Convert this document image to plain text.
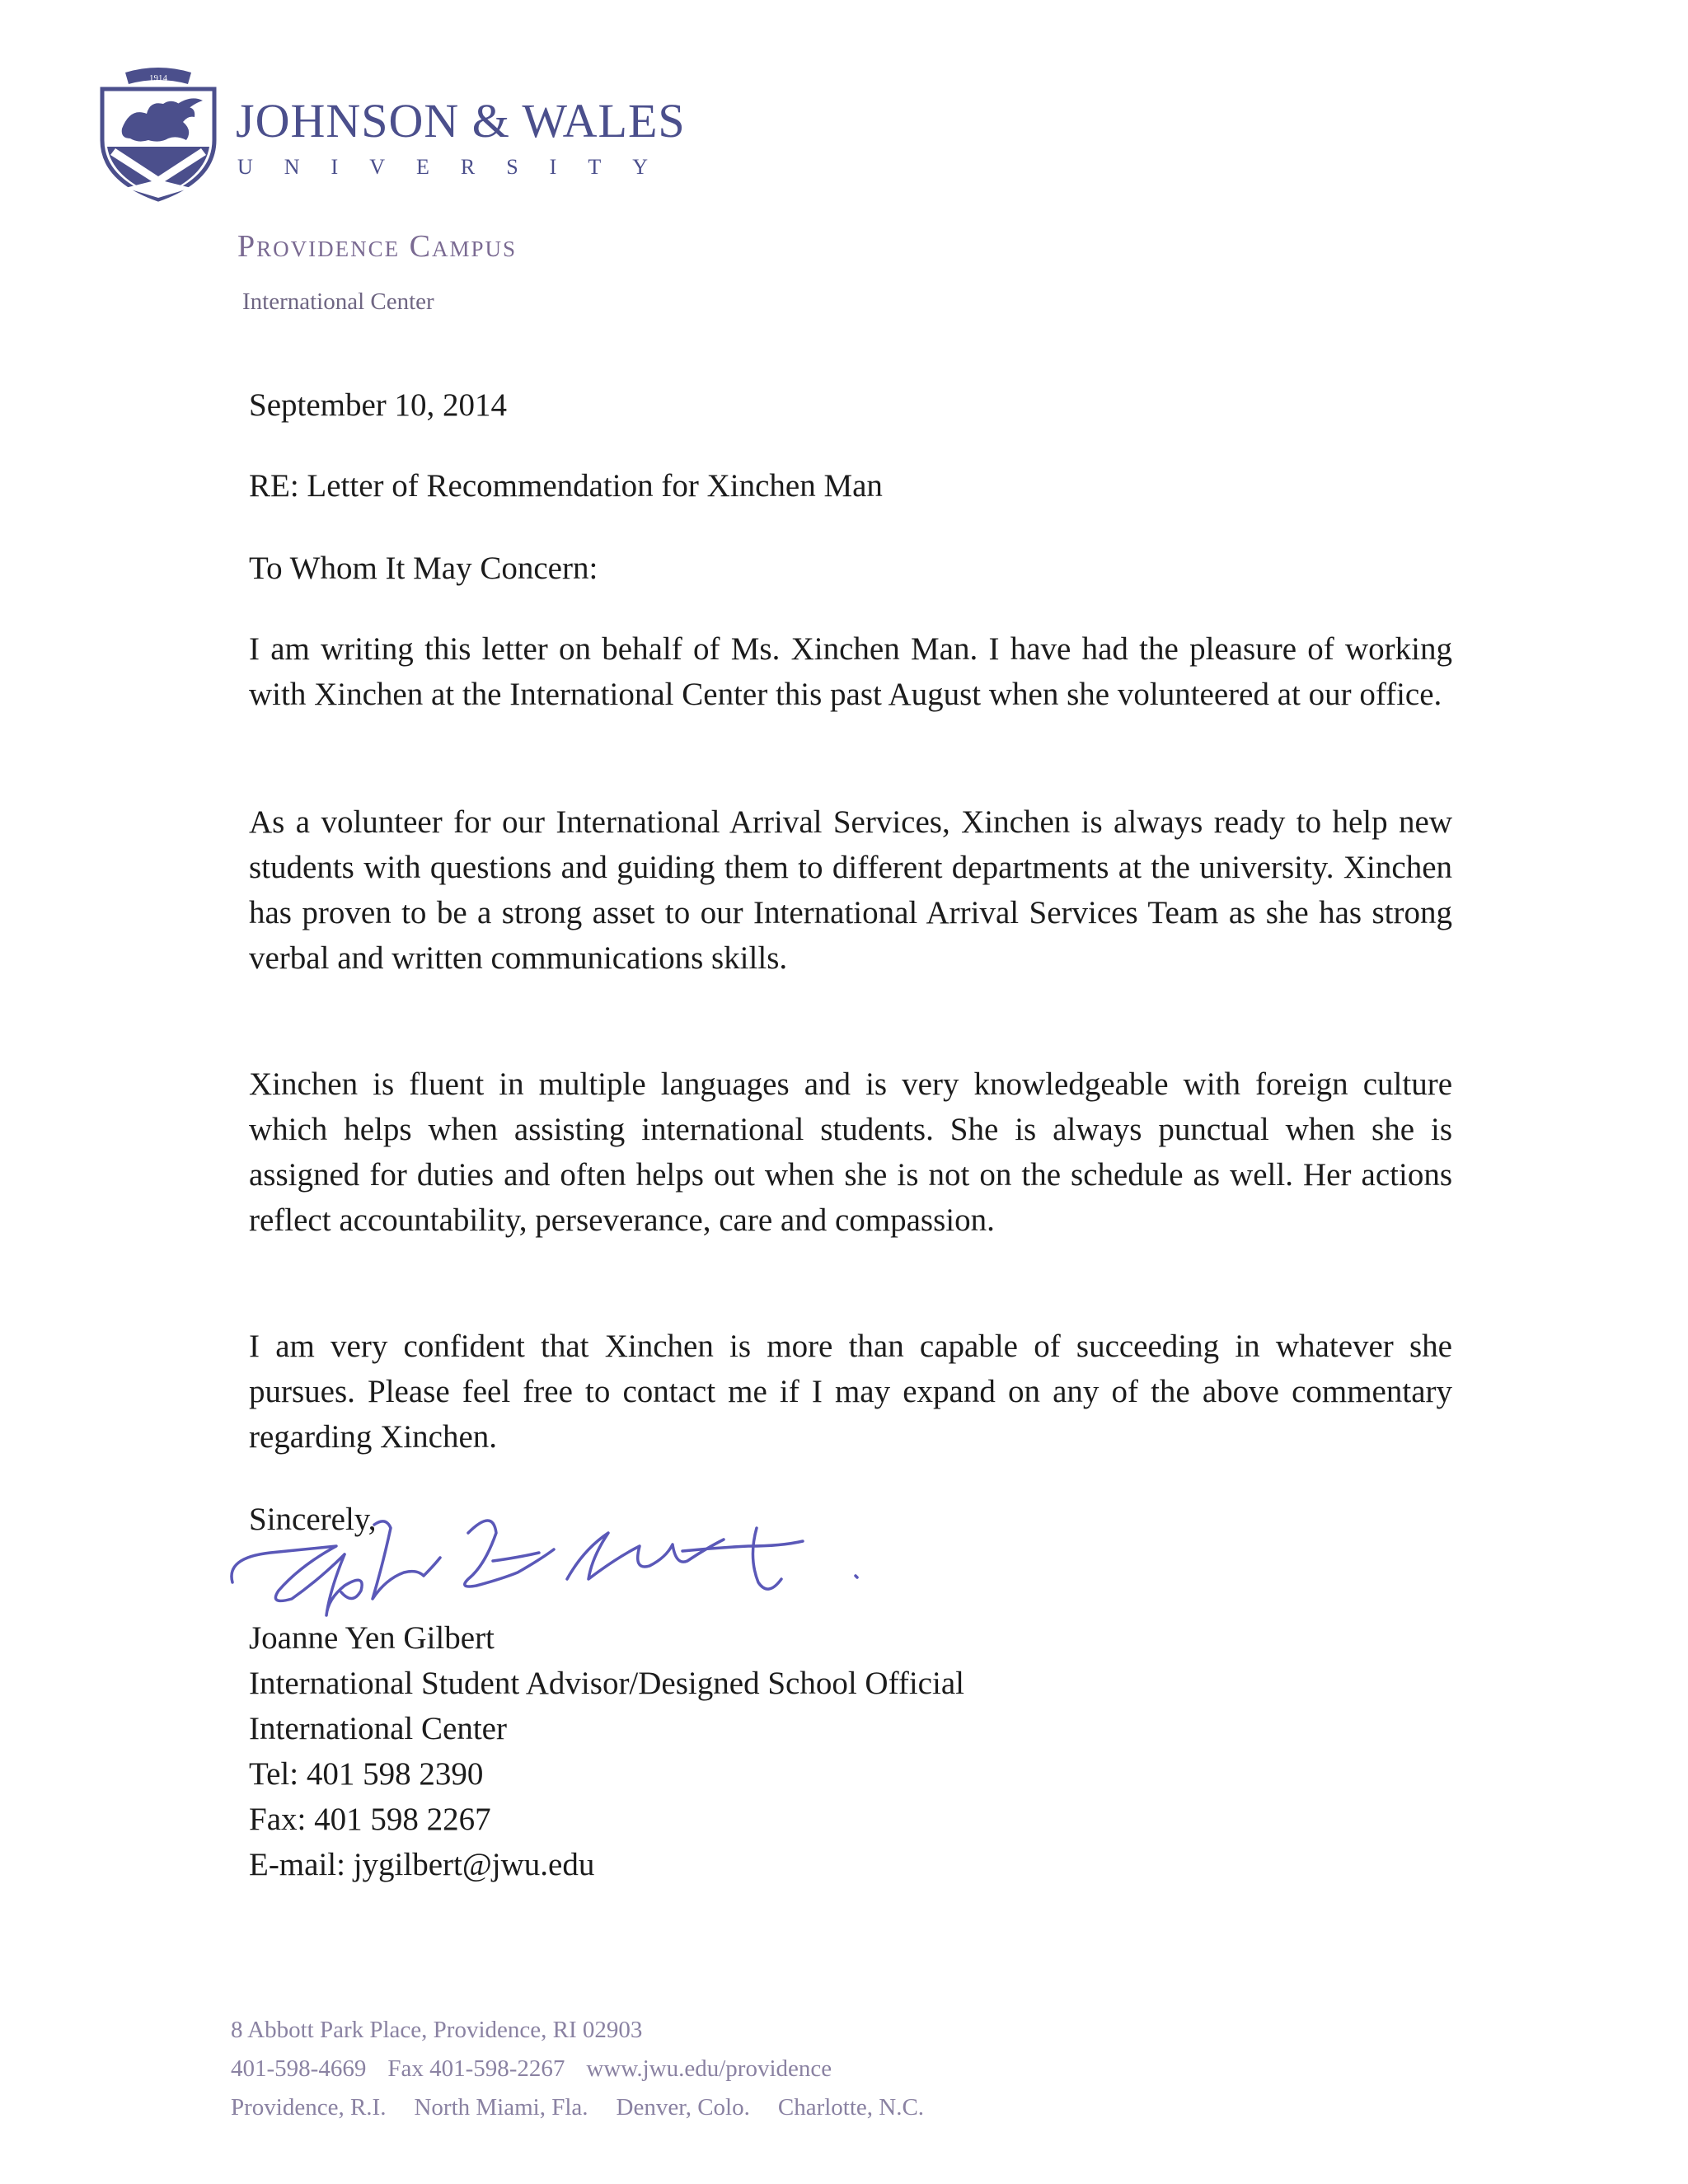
1914
JOHNSON & WALES
UNIVERSITY
Providence Campus
International Center
September 10, 2014
RE: Letter of Recommendation for Xinchen Man
To Whom It May Concern:
I am writing this letter on behalf of Ms. Xinchen Man. I have had the pleasure of working with Xinchen at the International Center this past August when she volunteered at our office.
As a volunteer for our International Arrival Services, Xinchen is always ready to help new students with questions and guiding them to different departments at the university. Xinchen has proven to be a strong asset to our International Arrival Services Team as she has strong verbal and written communications skills.
Xinchen is fluent in multiple languages and is very knowledgeable with foreign culture which helps when assisting international students. She is always punctual when she is assigned for duties and often helps out when she is not on the schedule as well. Her actions reflect accountability, perseverance, care and compassion.
I am very confident that Xinchen is more than capable of succeeding in whatever she pursues. Please feel free to contact me if I may expand on any of the above commentary regarding Xinchen.
Sincerely,
Joanne Yen Gilbert
International Student Advisor/Designed School Official
International Center
Tel: 401 598 2390
Fax: 401 598 2267
E-mail: jygilbert@jwu.edu
8 Abbott Park Place, Providence, RI 02903
401-598-4669 Fax 401-598-2267 www.jwu.edu/providence
Providence, R.I. North Miami, Fla. Denver, Colo. Charlotte, N.C.
